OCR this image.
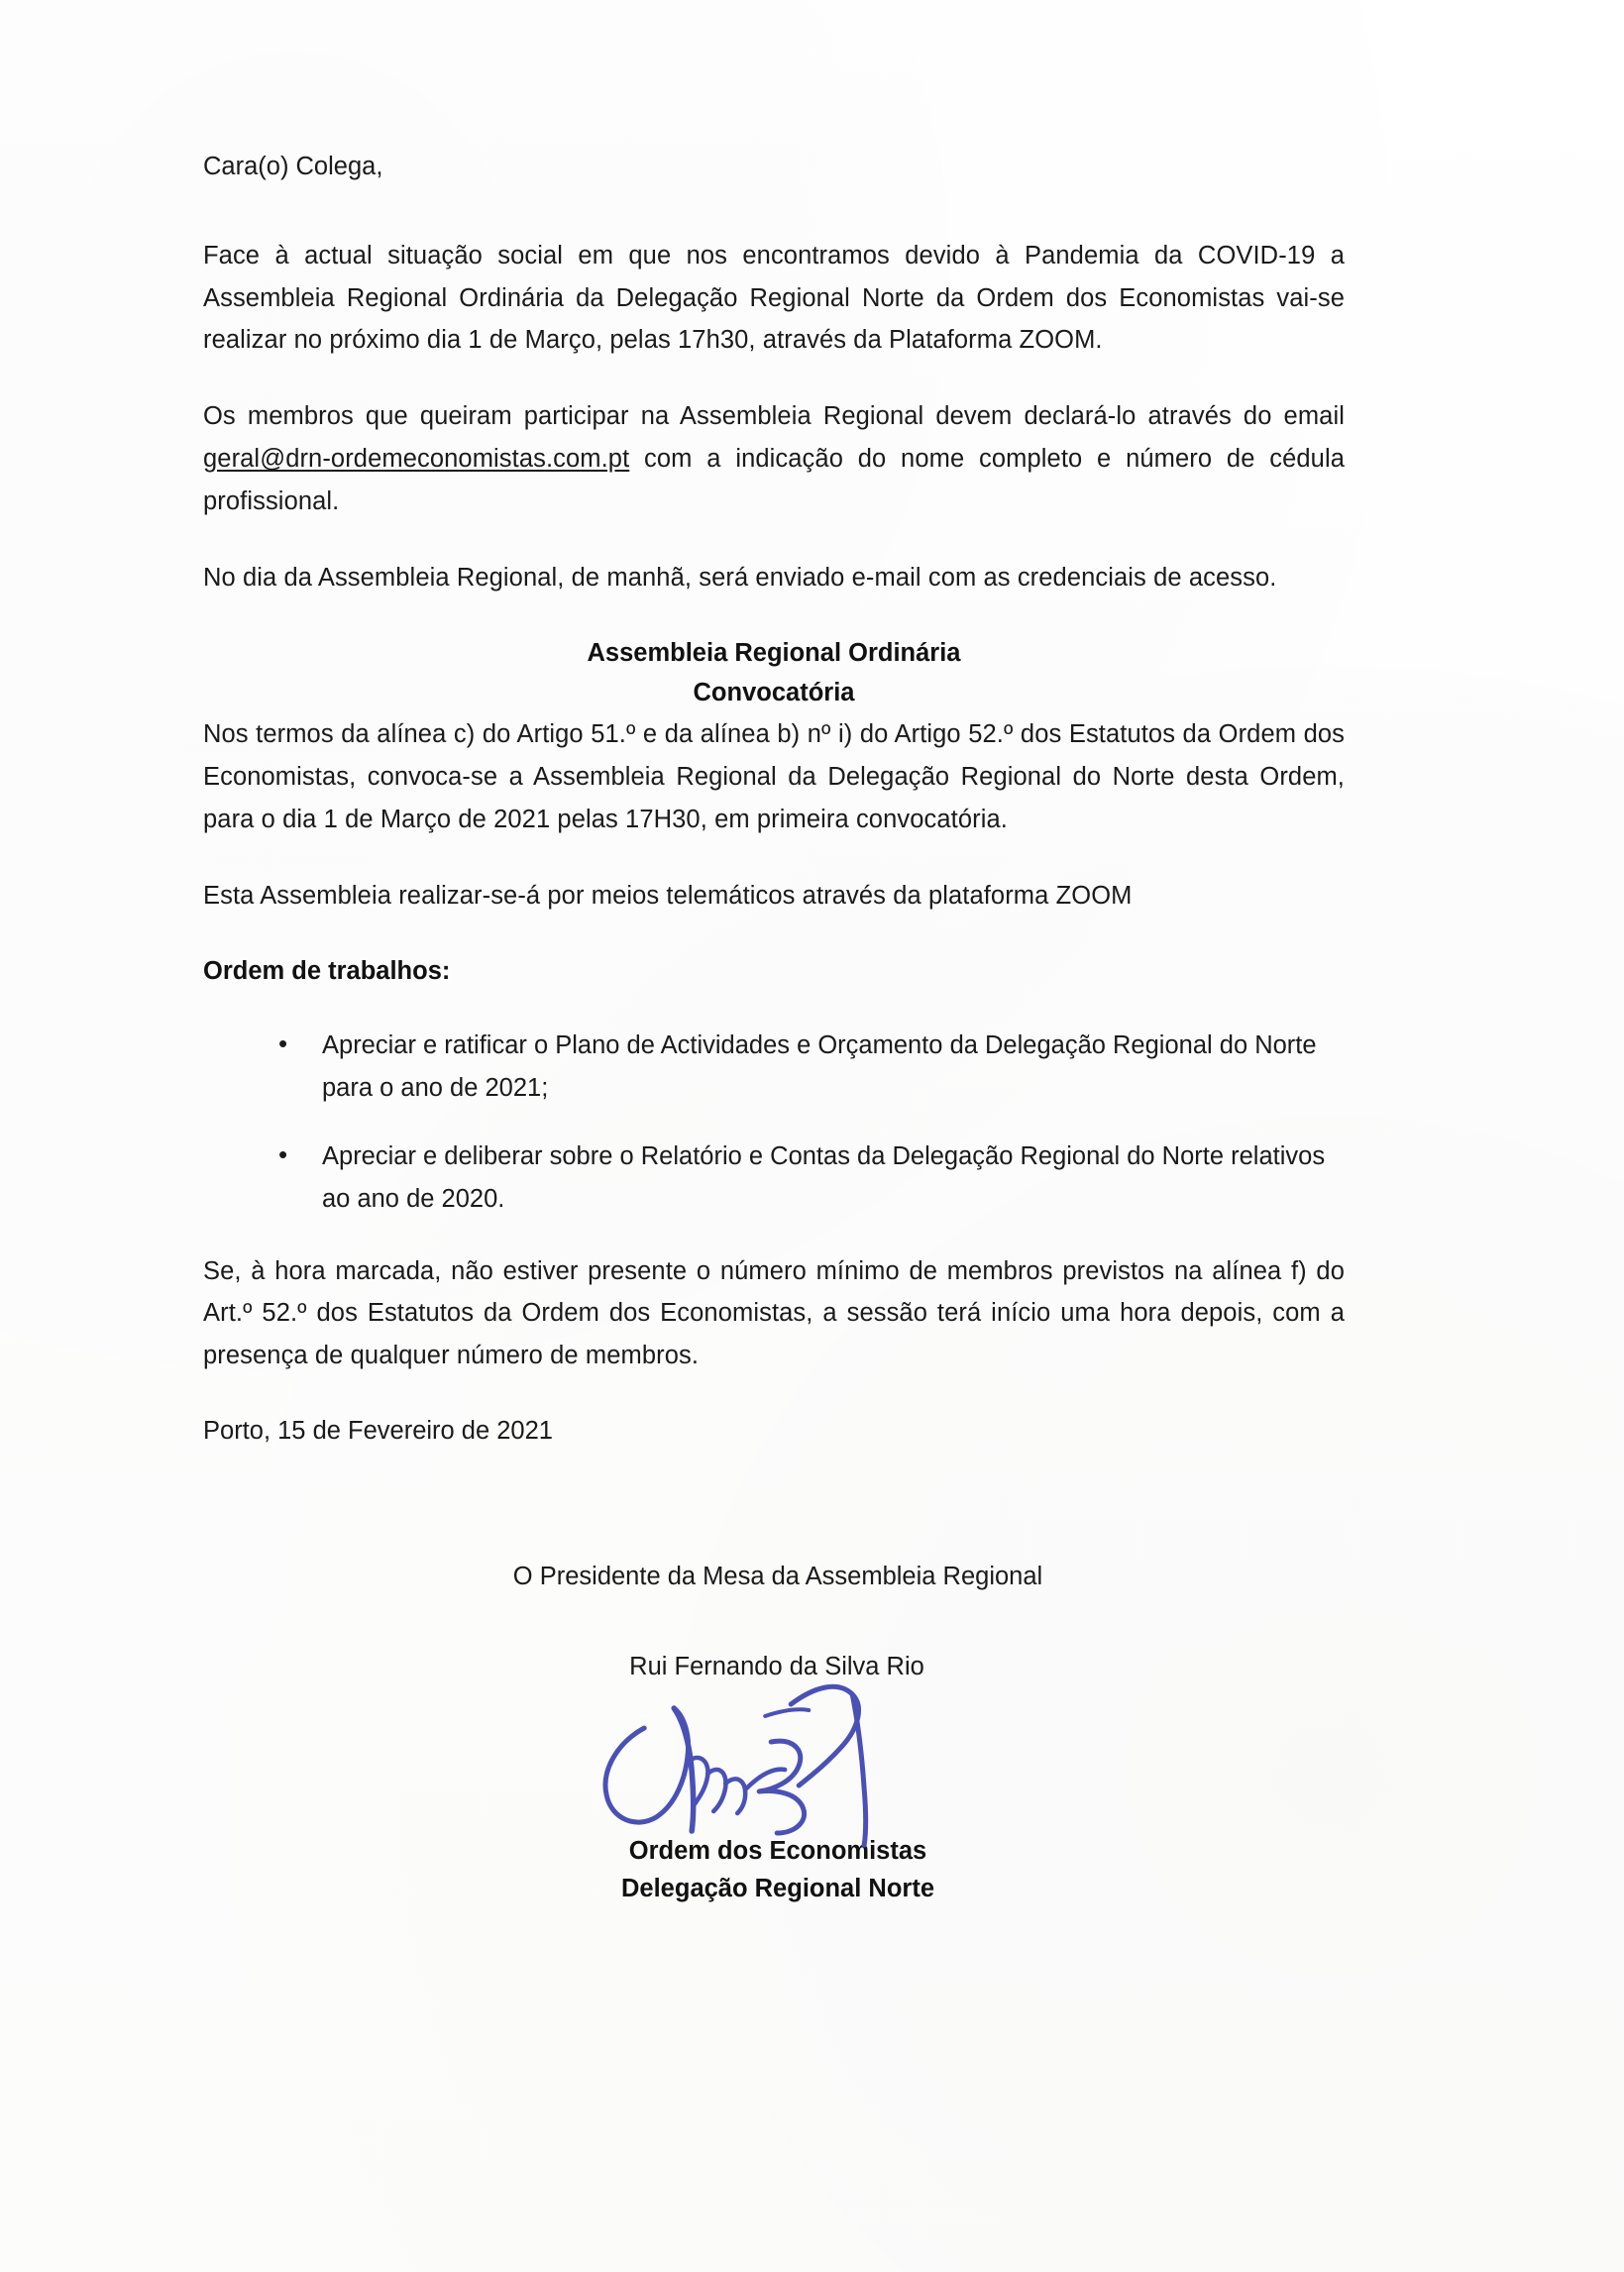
Cara(o) Colega,

Face à actual situação social em que nos encontramos devido à Pandemia da COVID-19 a Assembleia Regional Ordinária da Delegação Regional Norte da Ordem dos Economistas vai-se realizar no próximo dia 1 de Março, pelas 17h30, através da Plataforma ZOOM.

Os membros que queiram participar na Assembleia Regional devem declará-lo através do email geral@drn-ordemeconomistas.com.pt com a indicação do nome completo e número de cédula profissional.

No dia da Assembleia Regional, de manhã, será enviado e-mail com as credenciais de acesso.

Assembleia Regional Ordinária
Convocatória

Nos termos da alínea c) do Artigo 51.º e da alínea b) nº i) do Artigo 52.º dos Estatutos da Ordem dos Economistas, convoca-se a Assembleia Regional da Delegação Regional do Norte desta Ordem, para o dia 1 de Março de 2021 pelas 17H30, em primeira convocatória.

Esta Assembleia realizar-se-á por meios telemáticos através da plataforma ZOOM

Ordem de trabalhos:
• Apreciar e ratificar o Plano de Actividades e Orçamento da Delegação Regional do Norte para o ano de 2021;
• Apreciar e deliberar sobre o Relatório e Contas da Delegação Regional do Norte relativos ao ano de 2020.

Se, à hora marcada, não estiver presente o número mínimo de membros previstos na alínea f) do Art.º 52.º dos Estatutos da Ordem dos Economistas, a sessão terá início uma hora depois, com a presença de qualquer número de membros.

Porto, 15 de Fevereiro de 2021

O Presidente da Mesa da Assembleia Regional
Rui Fernando da Silva Rio
Ordem dos Economistas
Delegação Regional Norte
